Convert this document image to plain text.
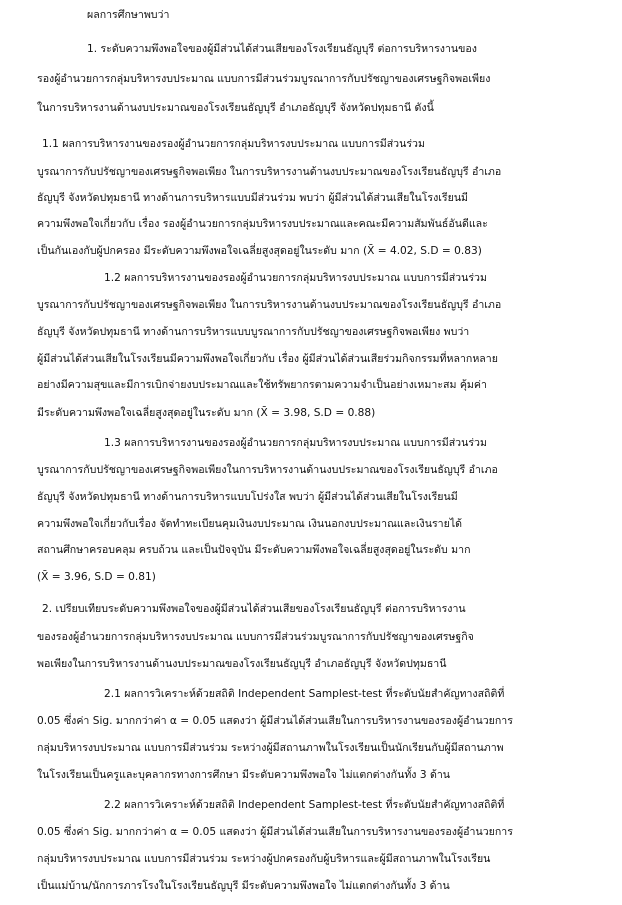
ผลการศึกษาพบว่า
1. ระดับความพึงพอใจของผู้มีส่วนได้ส่วนเสียของโรงเรียนธัญบุรี ต่อการบริหารงานของ
รองผู้อำนวยการกลุ่มบริหารงบประมาณ แบบการมีส่วนร่วมบูรณาการกับปรัชญาของเศรษฐกิจพอเพียง
ในการบริหารงานด้านงบประมาณของโรงเรียนธัญบุรี อำเภอธัญบุรี จังหวัดปทุมธานี ดังนี้
1.1 ผลการบริหารงานของรองผู้อำนวยการกลุ่มบริหารงบประมาณ แบบการมีส่วนร่วม
บูรณาการกับปรัชญาของเศรษฐกิจพอเพียง ในการบริหารงานด้านงบประมาณของโรงเรียนธัญบุรี อำเภอ
ธัญบุรี จังหวัดปทุมธานี ทางด้านการบริหารแบบมีส่วนร่วม พบว่า ผู้มีส่วนได้ส่วนเสียในโรงเรียนมี
ความพึงพอใจเกี่ยวกับ เรื่อง รองผู้อำนวยการกลุ่มบริหารงบประมาณและคณะมีความสัมพันธ์อันดีและ
เป็นกันเองกับผู้ปกครอง มีระดับความพึงพอใจเฉลี่ยสูงสุดอยู่ในระดับ มาก (X̄ = 4.02, S.D = 0.83)
1.2 ผลการบริหารงานของรองผู้อำนวยการกลุ่มบริหารงบประมาณ แบบการมีส่วนร่วม
บูรณาการกับปรัชญาของเศรษฐกิจพอเพียง ในการบริหารงานด้านงบประมาณของโรงเรียนธัญบุรี อำเภอ
ธัญบุรี จังหวัดปทุมธานี ทางด้านการบริหารแบบบูรณาการกับปรัชญาของเศรษฐกิจพอเพียง พบว่า
ผู้มีส่วนได้ส่วนเสียในโรงเรียนมีความพึงพอใจเกี่ยวกับ เรื่อง ผู้มีส่วนได้ส่วนเสียร่วมกิจกรรมที่หลากหลาย
อย่างมีความสุขและมีการเบิกจ่ายงบประมาณและใช้ทรัพยากรตามความจำเป็นอย่างเหมาะสม คุ้มค่า
มีระดับความพึงพอใจเฉลี่ยสูงสุดอยู่ในระดับ มาก (X̄ = 3.98, S.D = 0.88)
1.3 ผลการบริหารงานของรองผู้อำนวยการกลุ่มบริหารงบประมาณ แบบการมีส่วนร่วม
บูรณาการกับปรัชญาของเศรษฐกิจพอเพียงในการบริหารงานด้านงบประมาณของโรงเรียนธัญบุรี อำเภอ
ธัญบุรี จังหวัดปทุมธานี ทางด้านการบริหารแบบโปร่งใส พบว่า ผู้มีส่วนได้ส่วนเสียในโรงเรียนมี
ความพึงพอใจเกี่ยวกับเรื่อง จัดทำทะเบียนคุมเงินงบประมาณ เงินนอกงบประมาณและเงินรายได้
สถานศึกษาครอบคลุม ครบถ้วน และเป็นปัจจุบัน มีระดับความพึงพอใจเฉลี่ยสูงสุดอยู่ในระดับ มาก
(X̄ = 3.96, S.D = 0.81)
2. เปรียบเทียบระดับความพึงพอใจของผู้มีส่วนได้ส่วนเสียของโรงเรียนธัญบุรี ต่อการบริหารงาน
ของรองผู้อำนวยการกลุ่มบริหารงบประมาณ แบบการมีส่วนร่วมบูรณาการกับปรัชญาของเศรษฐกิจ
พอเพียงในการบริหารงานด้านงบประมาณของโรงเรียนธัญบุรี อำเภอธัญบุรี จังหวัดปทุมธานี
2.1 ผลการวิเคราะห์ด้วยสถิติ Independent Samplest-test ที่ระดับนัยสำคัญทางสถิติที่
0.05 ซึ่งค่า Sig. มากกว่าค่า α = 0.05 แสดงว่า ผู้มีส่วนได้ส่วนเสียในการบริหารงานของรองผู้อำนวยการ
กลุ่มบริหารงบประมาณ แบบการมีส่วนร่วม ระหว่างผู้มีสถานภาพในโรงเรียนเป็นนักเรียนกับผู้มีสถานภาพ
ในโรงเรียนเป็นครูและบุคลากรทางการศึกษา มีระดับความพึงพอใจ ไม่แตกต่างกันทั้ง 3 ด้าน
2.2 ผลการวิเคราะห์ด้วยสถิติ Independent Samplest-test ที่ระดับนัยสำคัญทางสถิติที่
0.05 ซึ่งค่า Sig. มากกว่าค่า α = 0.05 แสดงว่า ผู้มีส่วนได้ส่วนเสียในการบริหารงานของรองผู้อำนวยการ
กลุ่มบริหารงบประมาณ แบบการมีส่วนร่วม ระหว่างผู้ปกครองกับผู้บริหารและผู้มีสถานภาพในโรงเรียน
เป็นแม่บ้าน/นักการภารโรงในโรงเรียนธัญบุรี มีระดับความพึงพอใจ ไม่แตกต่างกันทั้ง 3 ด้าน
